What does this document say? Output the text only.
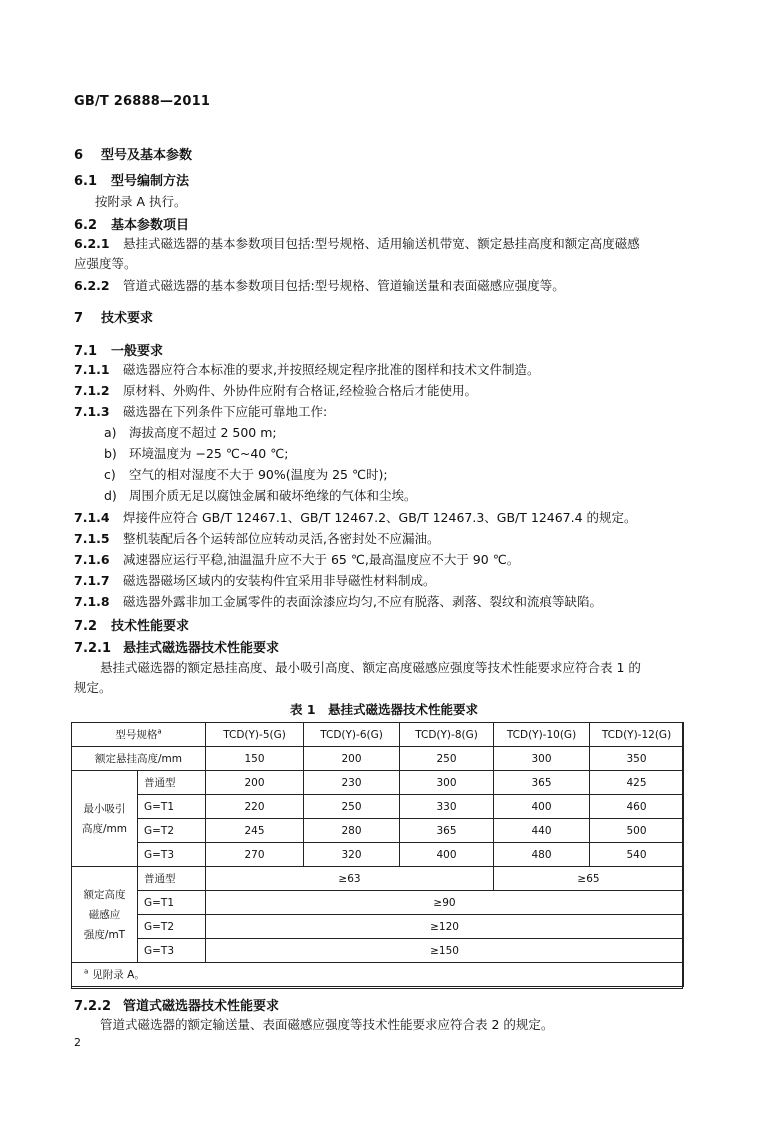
GB/T 26888—2011
6 型号及基本参数
6.1 型号编制方法
按附录 A 执行。
6.2 基本参数项目
6.2.1 悬挂式磁选器的基本参数项目包括:型号规格、适用输送机带宽、额定悬挂高度和额定高度磁感
应强度等。
6.2.2 管道式磁选器的基本参数项目包括:型号规格、管道输送量和表面磁感应强度等。
7 技术要求
7.1 一般要求
7.1.1 磁选器应符合本标准的要求,并按照经规定程序批准的图样和技术文件制造。
7.1.2 原材料、外购件、外协件应附有合格证,经检验合格后才能使用。
7.1.3 磁选器在下列条件下应能可靠地工作:
a) 海拔高度不超过 2 500 m;
b) 环境温度为 −25 ℃~40 ℃;
c) 空气的相对湿度不大于 90%(温度为 25 ℃时);
d) 周围介质无足以腐蚀金属和破坏绝缘的气体和尘埃。
7.1.4 焊接件应符合 GB/T 12467.1、GB/T 12467.2、GB/T 12467.3、GB/T 12467.4 的规定。
7.1.5 整机装配后各个运转部位应转动灵活,各密封处不应漏油。
7.1.6 减速器应运行平稳,油温温升应不大于 65 ℃,最高温度应不大于 90 ℃。
7.1.7 磁选器磁场区域内的安装构件宜采用非导磁性材料制成。
7.1.8 磁选器外露非加工金属零件的表面涂漆应均匀,不应有脱落、剥落、裂纹和流痕等缺陷。
7.2 技术性能要求
7.2.1 悬挂式磁选器技术性能要求
悬挂式磁选器的额定悬挂高度、最小吸引高度、额定高度磁感应强度等技术性能要求应符合表 1 的
规定。
表 1　悬挂式磁选器技术性能要求
型号规格$^a$		TCD(Y)-5(G)	TCD(Y)-6(G)	TCD(Y)-8(G)	TCD(Y)-10(G)	TCD(Y)-12(G)
额定悬挂高度/mm		150	200	250	300	350
最小吸引
高度/mm	普通型	200	230	300	365	425
	G=T1	220	250	330	400	460
	G=T2	245	280	365	440	500
	G=T3	270	320	400	480	540
额定高度
磁感应
强度/mT	普通型	≥63			≥65	
	G=T1	≥90				
	G=T2	≥120				
	G=T3	≥150				
$^a$ 见附录 A。						
7.2.2 管道式磁选器技术性能要求
管道式磁选器的额定输送量、表面磁感应强度等技术性能要求应符合表 2 的规定。
2
